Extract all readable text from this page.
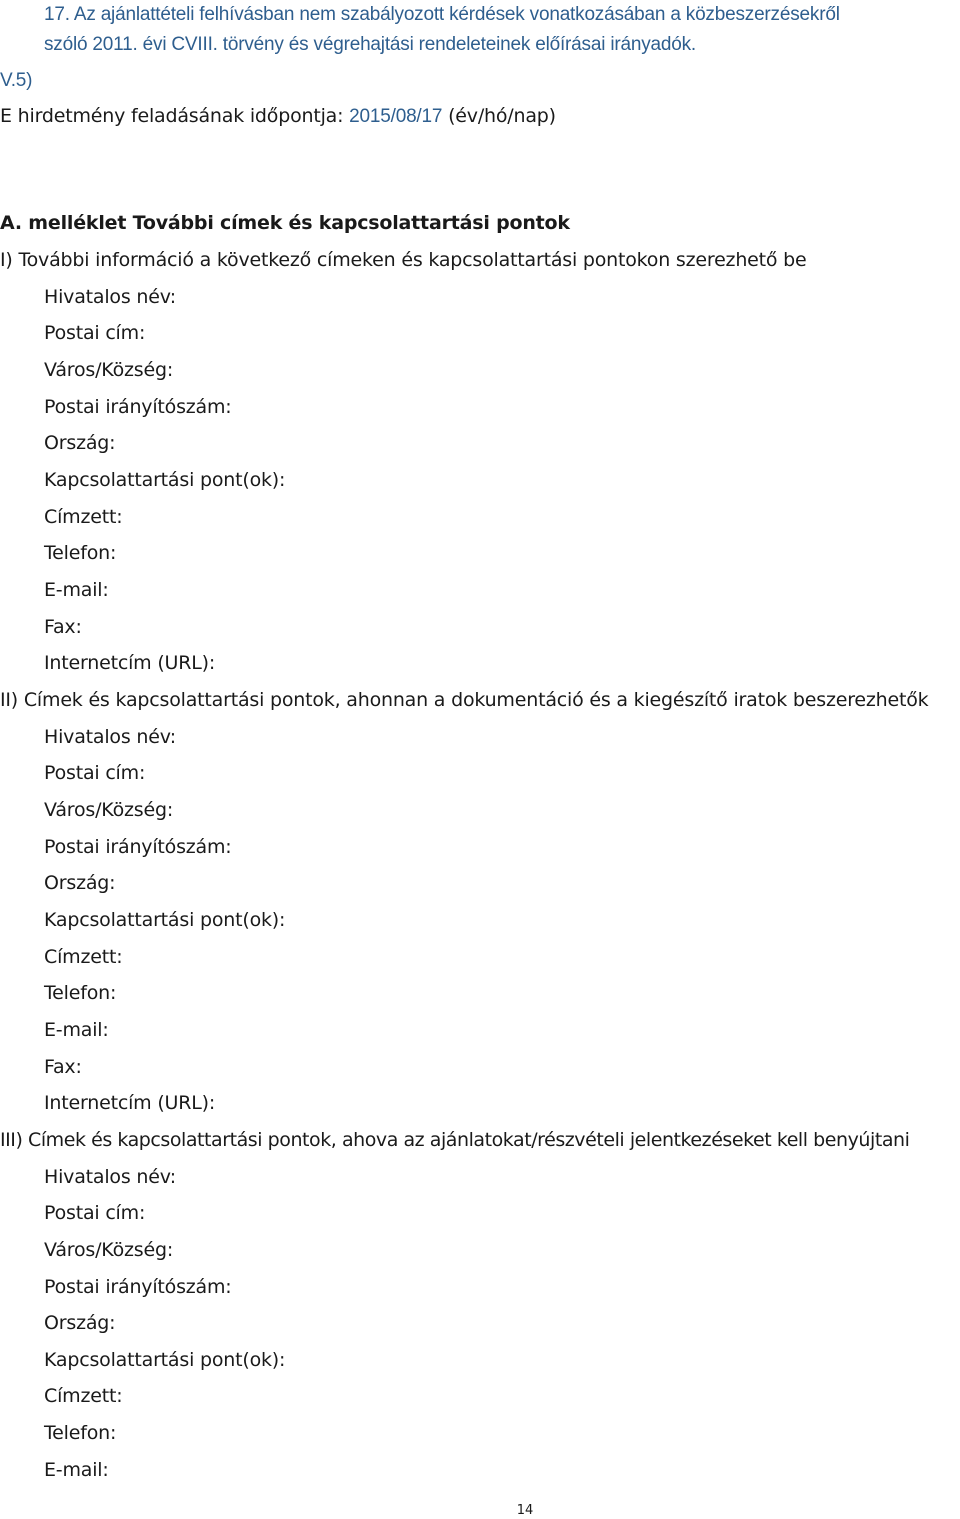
17. Az ajánlattételi felhívásban nem szabályozott kérdések vonatkozásában a közbeszerzésekről
szóló 2011. évi CVIII. törvény és végrehajtási rendeleteinek előírásai irányadók.
V.5)
E hirdetmény feladásának időpontja: 2015/08/17 (év/hó/nap)
A. melléklet További címek és kapcsolattartási pontok
I) További információ a következő címeken és kapcsolattartási pontokon szerezhető be
Hivatalos név:
Postai cím:
Város/Község:
Postai irányítószám:
Ország:
Kapcsolattartási pont(ok):
Címzett:
Telefon:
E-mail:
Fax:
Internetcím (URL):
II) Címek és kapcsolattartási pontok, ahonnan a dokumentáció és a kiegészítő iratok beszerezhetők
Hivatalos név:
Postai cím:
Város/Község:
Postai irányítószám:
Ország:
Kapcsolattartási pont(ok):
Címzett:
Telefon:
E-mail:
Fax:
Internetcím (URL):
III) Címek és kapcsolattartási pontok, ahova az ajánlatokat/részvételi jelentkezéseket kell benyújtani
Hivatalos név:
Postai cím:
Város/Község:
Postai irányítószám:
Ország:
Kapcsolattartási pont(ok):
Címzett:
Telefon:
E-mail:
14
